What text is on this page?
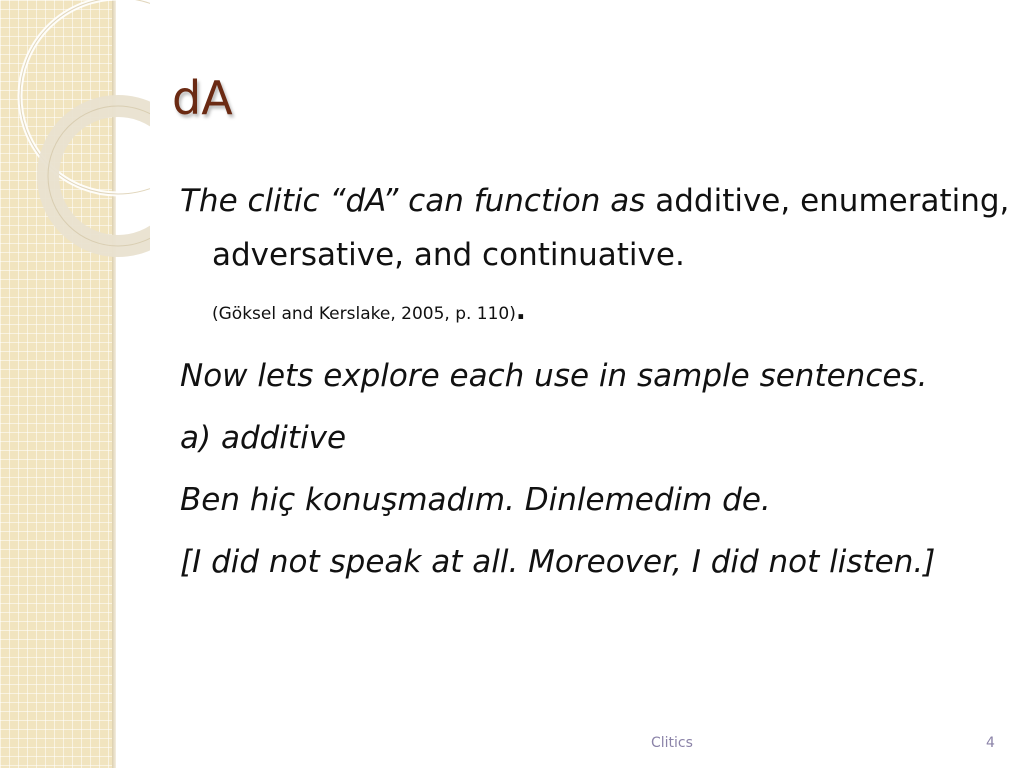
dA

The clitic “dA” can function as additive, enumerating, adversative, and continuative.
(Göksel and Kerslake, 2005, p. 110).

Now lets explore each use in sample sentences.

a) additive

Ben hiç konuşmadım. Dinlemedim de.

[I did not speak at all. Moreover, I did not listen.]

Clitics	4
